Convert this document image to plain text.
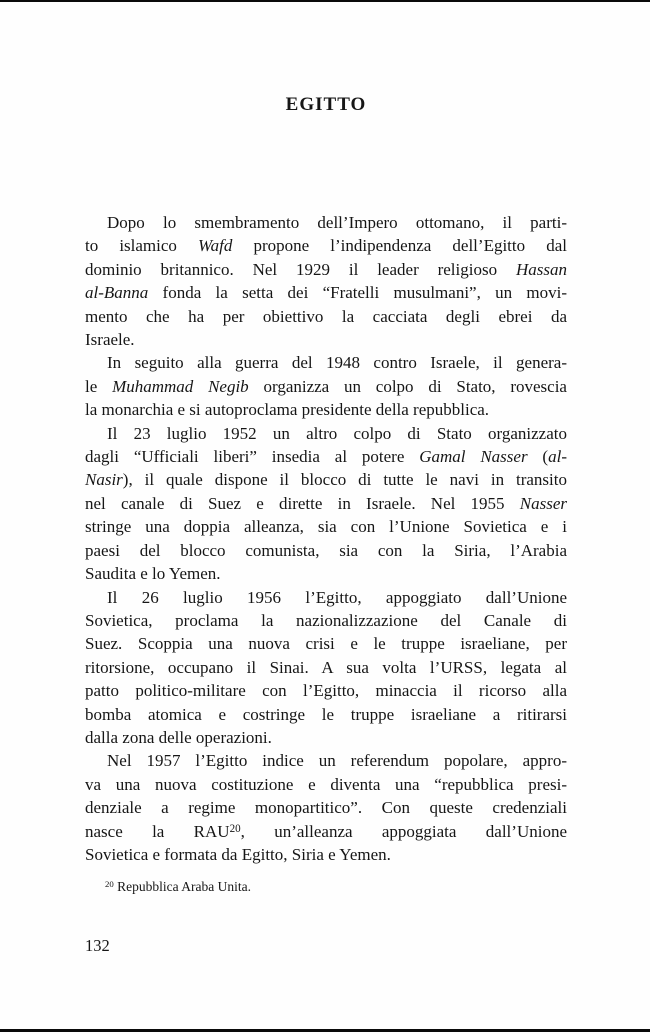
EGITTO
Dopo lo smembramento dell’Impero ottomano, il parti-
to islamico Wafd propone l’indipendenza dell’Egitto dal
dominio britannico. Nel 1929 il leader religioso Hassan
al-Banna fonda la setta dei “Fratelli musulmani”, un movi-
mento che ha per obiettivo la cacciata degli ebrei da
Israele.
In seguito alla guerra del 1948 contro Israele, il genera-
le Muhammad Negib organizza un colpo di Stato, rovescia
la monarchia e si autoproclama presidente della repubblica.
Il 23 luglio 1952 un altro colpo di Stato organizzato
dagli “Ufficiali liberi” insedia al potere Gamal Nasser (al-
Nasir), il quale dispone il blocco di tutte le navi in transito
nel canale di Suez e dirette in Israele. Nel 1955 Nasser
stringe una doppia alleanza, sia con l’Unione Sovietica e i
paesi del blocco comunista, sia con la Siria, l’Arabia
Saudita e lo Yemen.
Il 26 luglio 1956 l’Egitto, appoggiato dall’Unione
Sovietica, proclama la nazionalizzazione del Canale di
Suez. Scoppia una nuova crisi e le truppe israeliane, per
ritorsione, occupano il Sinai. A sua volta l’URSS, legata al
patto politico-militare con l’Egitto, minaccia il ricorso alla
bomba atomica e costringe le truppe israeliane a ritirarsi
dalla zona delle operazioni.
Nel 1957 l’Egitto indice un referendum popolare, appro-
va una nuova costituzione e diventa una “repubblica presi-
denziale a regime monopartitico”. Con queste credenziali
nasce la RAU$^{20}$, un’alleanza appoggiata dall’Unione
Sovietica e formata da Egitto, Siria e Yemen.
$^{20}$ Repubblica Araba Unita.
132
